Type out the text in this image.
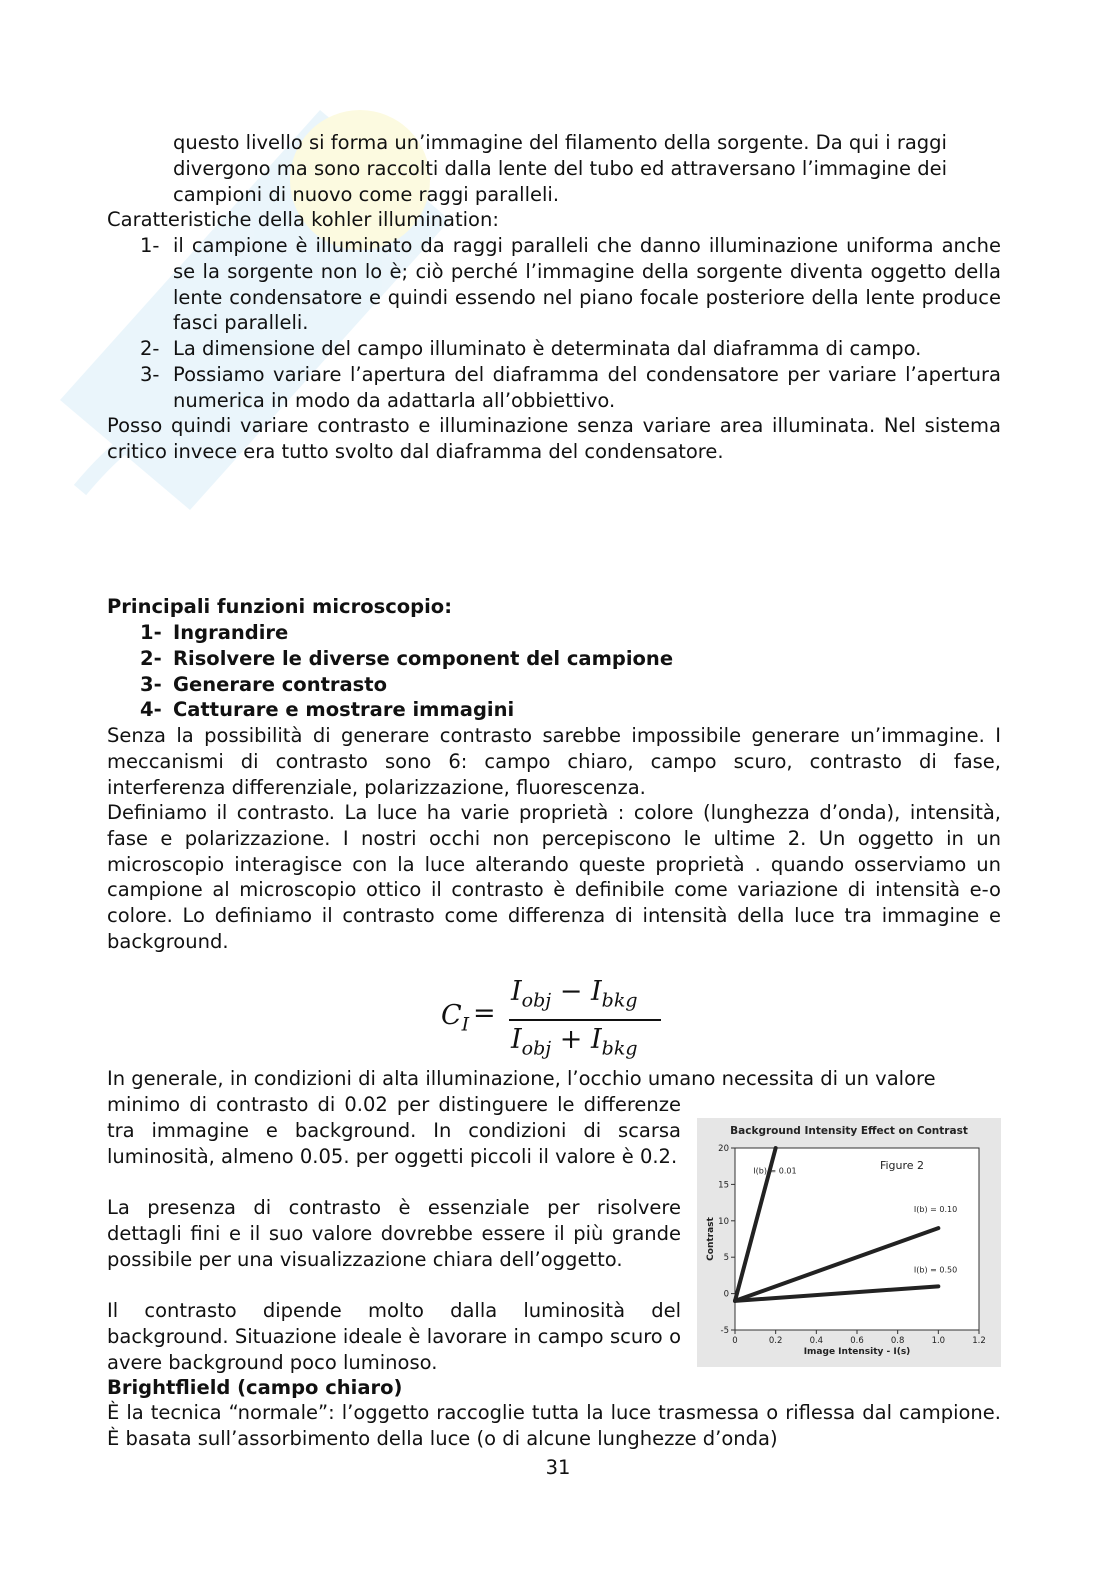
questo livello si forma un’immagine del filamento della sorgente. Da qui i raggi
divergono ma sono raccolti dalla lente del tubo ed attraversano l’immagine dei
campioni di nuovo come raggi paralleli.
Caratteristiche della kohler illumination:
1- il campione è illuminato da raggi paralleli che danno illuminazione uniforma anche se la sorgente non lo è; ciò perché l’immagine della sorgente diventa oggetto della lente condensatore e quindi essendo nel piano focale posteriore della lente produce fasci paralleli.
2- La dimensione del campo illuminato è determinata dal diaframma di campo.
3- Possiamo variare l’apertura del diaframma del condensatore per variare l’apertura numerica in modo da adattarla all’obbiettivo.
Posso quindi variare contrasto e illuminazione senza variare area illuminata. Nel sistema critico invece era tutto svolto dal diaframma del condensatore.
Principali funzioni microscopio:
1- Ingrandire
2- Risolvere le diverse component del campione
3- Generare contrasto
4- Catturare e mostrare immagini
Senza la possibilità di generare contrasto sarebbe impossibile generare un’immagine. I meccanismi di contrasto sono 6: campo chiaro, campo scuro, contrasto di fase, interferenza differenziale, polarizzazione, fluorescenza.
Definiamo il contrasto. La luce ha varie proprietà : colore (lunghezza d’onda), intensità, fase e polarizzazione. I nostri occhi non percepiscono le ultime 2. Un oggetto in un microscopio interagisce con la luce alterando queste proprietà . quando osserviamo un campione al microscopio ottico il contrasto è definibile come variazione di intensità e-o colore. Lo definiamo il contrasto come differenza di intensità della luce tra immagine e background.
$C_I$ =
$I_{obj} - I_{bkg}$
$I_{obj} + I_{bkg}$
In generale, in condizioni di alta illuminazione, l’occhio umano necessita di un valore
minimo di contrasto di 0.02 per distinguere le differenze tra immagine e background. In condizioni di scarsa luminosità, almeno 0.05. per oggetti piccoli il valore è 0.2.
La presenza di contrasto è essenziale per risolvere dettagli fini e il suo valore dovrebbe essere il più grande possibile per una visualizzazione chiara dell’oggetto.
Il contrasto dipende molto dalla luminosità del background. Situazione ideale è lavorare in campo scuro o avere background poco luminoso.
Background Intensity Effect on Contrast
Figure 2
-5
0
5
10
15
20
0	0.2	0.4	0.6	0.8	1.0	1.2
Image Intensity - I(s)
Contrast
I(b) = 0.01
I(b) = 0.10
I(b) = 0.50
Brightflield (campo chiaro)
È la tecnica “normale”: l’oggetto raccoglie tutta la luce trasmessa o riflessa dal campione. È basata sull’assorbimento della luce (o di alcune lunghezze d’onda)
31
